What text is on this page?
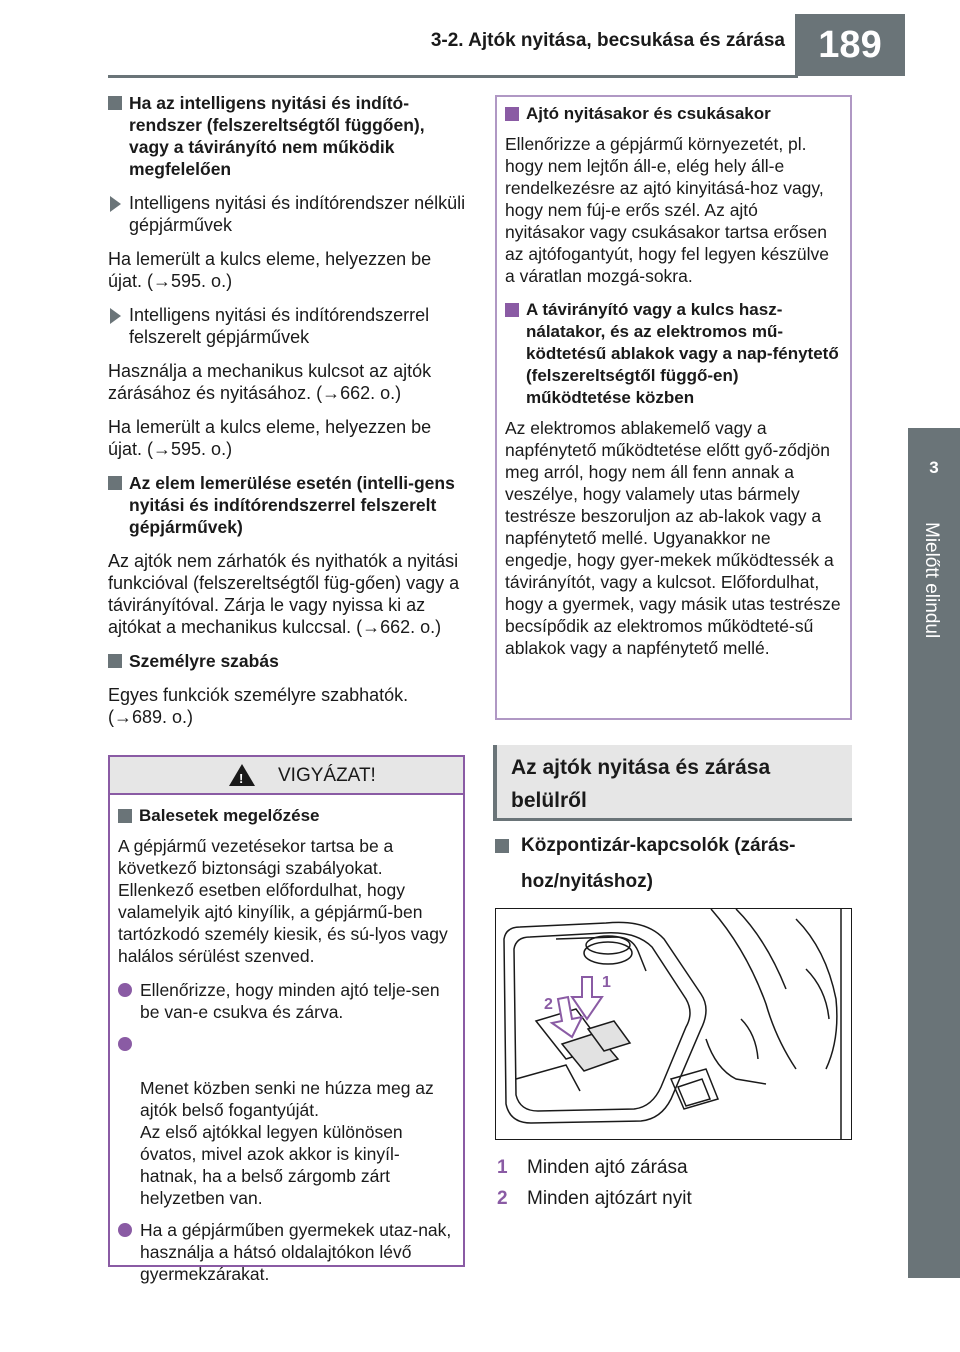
3-2. Ajtók nyitása, becsukása és zárása 189
3
Mielőtt elindul
Ha az intelligens nyitási és indító-rendszer (felszereltségtől függően), vagy a távirányító nem működik megfelelően
Intelligens nyitási és indítórendszer nélküli gépjárművek
Ha lemerült a kulcs eleme, helyezzen be újat. (→595. o.)
Intelligens nyitási és indítórendszerrel felszerelt gépjárművek
Használja a mechanikus kulcsot az ajtók zárásához és nyitásához. (→662. o.)
Ha lemerült a kulcs eleme, helyezzen be újat. (→595. o.)
Az elem lemerülése esetén (intelli-gens nyitási és indítórendszerrel felszerelt gépjárművek)
Az ajtók nem zárhatók és nyithatók a nyitási funkcióval (felszereltségtől füg-gően) vagy a távirányítóval. Zárja le vagy nyissa ki az ajtókat a mechanikus kulccsal. (→662. o.)
Személyre szabás
Egyes funkciók személyre szabhatók. (→689. o.)
! VIGYÁZAT!
Balesetek megelőzése
A gépjármű vezetésekor tartsa be a következő biztonsági szabályokat. Ellenkező esetben előfordulhat, hogy valamelyik ajtó kinyílik, a gépjármű-ben tartózkodó személy kiesik, és sú-lyos vagy halálos sérülést szenved.
Ellenőrizze, hogy minden ajtó telje-sen be van-e csukva és zárva.

Menet közben senki ne húzza meg az ajtók belső fogantyúját.
Az első ajtókkal legyen különösen óvatos, mivel azok akkor is kinyíl-hatnak, ha a belső zárgomb zárt helyzetben van.

Ha a gépjárműben gyermekek utaz-nak, használja a hátsó oldalajtókon lévő gyermekzárakat.
Ajtó nyitásakor és csukásakor
Ellenőrizze a gépjármű környezetét, pl. hogy nem lejtőn áll-e, elég hely áll-e rendelkezésre az ajtó kinyitásá-hoz vagy, hogy nem fúj-e erős szél. Az ajtó nyitásakor vagy csukásakor tartsa erősen az ajtófogantyút, hogy fel legyen készülve a váratlan mozgá-sokra.
A távirányító vagy a kulcs hasz-nálatakor, és az elektromos mű-ködtetésű ablakok vagy a nap-fénytető (felszereltségtől függő-en) működtetése közben
Az elektromos ablakemelő vagy a napfénytető működtetése előtt győ-ződjön meg arról, hogy nem áll fenn annak a veszélye, hogy valamely utas bármely testrésze beszoruljon az ab-lakok vagy a napfénytető mellé. Ugyanakkor ne engedje, hogy gyer-mekek működtessék a távirányítót, vagy a kulcsot. Előfordulhat, hogy a gyermek, vagy másik utas testrésze becsípődik az elektromos működteté-sű ablakok vagy a napfénytető mellé.
Az ajtók nyitása és zárása belülről
Központizár-kapcsolók (zárás-hoz/nyitáshoz)
1
2
1 Minden ajtó zárása
2 Minden ajtózárt nyit
